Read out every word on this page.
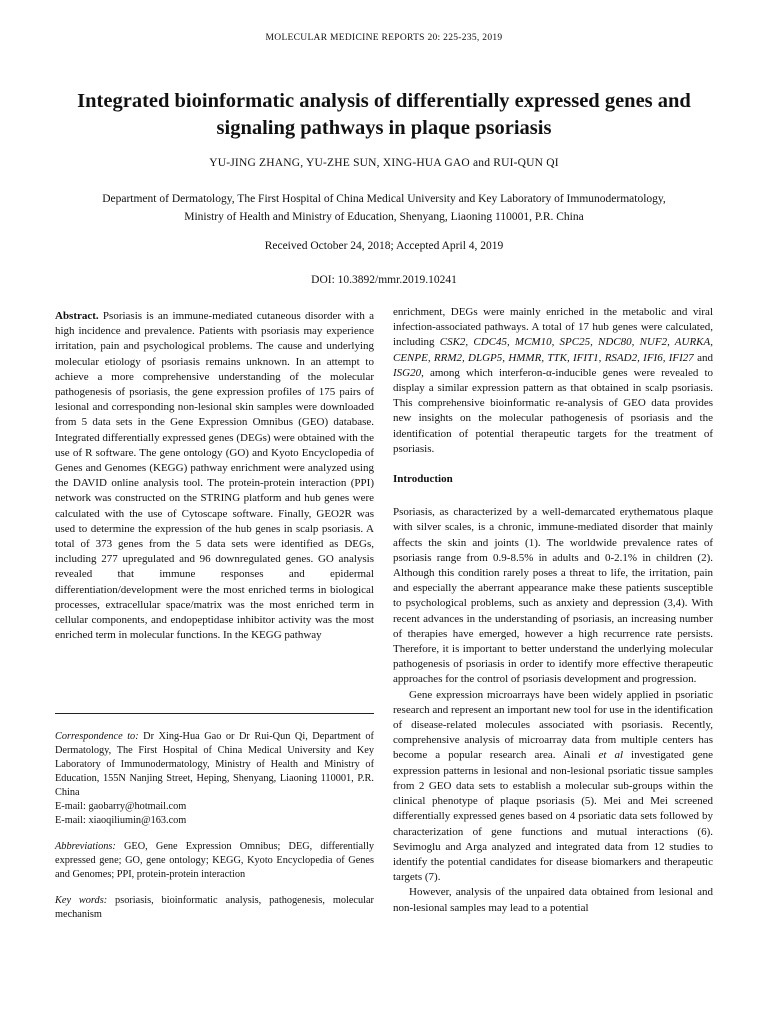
MOLECULAR MEDICINE REPORTS 20: 225-235, 2019
Integrated bioinformatic analysis of differentially expressed genes and signaling pathways in plaque psoriasis
YU-JING ZHANG, YU-ZHE SUN, XING-HUA GAO and RUI-QUN QI
Department of Dermatology, The First Hospital of China Medical University and Key Laboratory of Immunodermatology,
Ministry of Health and Ministry of Education, Shenyang, Liaoning 110001, P.R. China
Received October 24, 2018; Accepted April 4, 2019
DOI: 10.3892/mmr.2019.10241

Abstract. Psoriasis is an immune-mediated cutaneous disorder with a high incidence and prevalence. Patients with psoriasis may experience irritation, pain and psychological problems. The cause and underlying molecular etiology of psoriasis remains unknown. In an attempt to achieve a more comprehensive understanding of the molecular pathogenesis of psoriasis, the gene expression profiles of 175 pairs of lesional and corresponding non-lesional skin samples were downloaded from 5 data sets in the Gene Expression Omnibus (GEO) database. Integrated differentially expressed genes (DEGs) were obtained with the use of R software. The gene ontology (GO) and Kyoto Encyclopedia of Genes and Genomes (KEGG) pathway enrichment were analyzed using the DAVID online analysis tool. The protein-protein interaction (PPI) network was constructed on the STRING platform and hub genes were calculated with the use of Cytoscape software. Finally, GEO2R was used to determine the expression of the hub genes in scalp psoriasis. A total of 373 genes from the 5 data sets were identified as DEGs, including 277 upregulated and 96 downregulated genes. GO analysis revealed that immune responses and epidermal differentiation/development were the most enriched terms in biological processes, extracellular space/matrix was the most enriched term in cellular components, and endopeptidase inhibitor activity was the most enriched term in molecular functions. In the KEGG pathway

Correspondence to: Dr Xing-Hua Gao or Dr Rui-Qun Qi, Department of Dermatology, The First Hospital of China Medical University and Key Laboratory of Immunodermatology, Ministry of Health and Ministry of Education, 155N Nanjing Street, Heping, Shenyang, Liaoning 110001, P.R. China
E-mail: gaobarry@hotmail.com
E-mail: xiaoqiliumin@163.com

Abbreviations: GEO, Gene Expression Omnibus; DEG, differentially expressed gene; GO, gene ontology; KEGG, Kyoto Encyclopedia of Genes and Genomes; PPI, protein-protein interaction

Key words: psoriasis, bioinformatic analysis, pathogenesis, molecular mechanism

enrichment, DEGs were mainly enriched in the metabolic and viral infection-associated pathways. A total of 17 hub genes were calculated, including CSK2, CDC45, MCM10, SPC25, NDC80, NUF2, AURKA, CENPE, RRM2, DLGP5, HMMR, TTK, IFIT1, RSAD2, IFI6, IFI27 and ISG20, among which interferon-α-inducible genes were revealed to display a similar expression pattern as that obtained in scalp psoriasis. This comprehensive bioinformatic re-analysis of GEO data provides new insights on the molecular pathogenesis of psoriasis and the identification of potential therapeutic targets for the treatment of psoriasis.

Introduction

Psoriasis, as characterized by a well-demarcated erythematous plaque with silver scales, is a chronic, immune-mediated disorder that mainly affects the skin and joints (1). The worldwide prevalence rates of psoriasis range from 0.9-8.5% in adults and 0-2.1% in children (2). Although this condition rarely poses a threat to life, the irritation, pain and especially the aberrant appearance make these patients susceptible to psychological problems, such as anxiety and depression (3,4). With recent advances in the understanding of psoriasis, an increasing number of therapies have emerged, however a high recurrence rate persists. Therefore, it is important to better understand the underlying molecular pathogenesis of psoriasis in order to identify more effective therapeutic approaches for the control of psoriasis development and progression.

Gene expression microarrays have been widely applied in psoriatic research and represent an important new tool for use in the identification of disease-related molecules associated with psoriasis. Recently, comprehensive analysis of microarray data from multiple centers has become a popular research area. Ainali et al investigated gene expression patterns in lesional and non-lesional psoriatic tissue samples from 2 GEO data sets to establish a molecular sub-groups within the clinical phenotype of plaque psoriasis (5). Mei and Mei screened differentially expressed genes based on 4 psoriatic data sets followed by characterization of gene functions and mutual interactions (6). Sevimoglu and Arga analyzed and integrated data from 12 studies to identify the potential candidates for disease biomarkers and therapeutic targets (7).

However, analysis of the unpaired data obtained from lesional and non-lesional samples may lead to a potential
